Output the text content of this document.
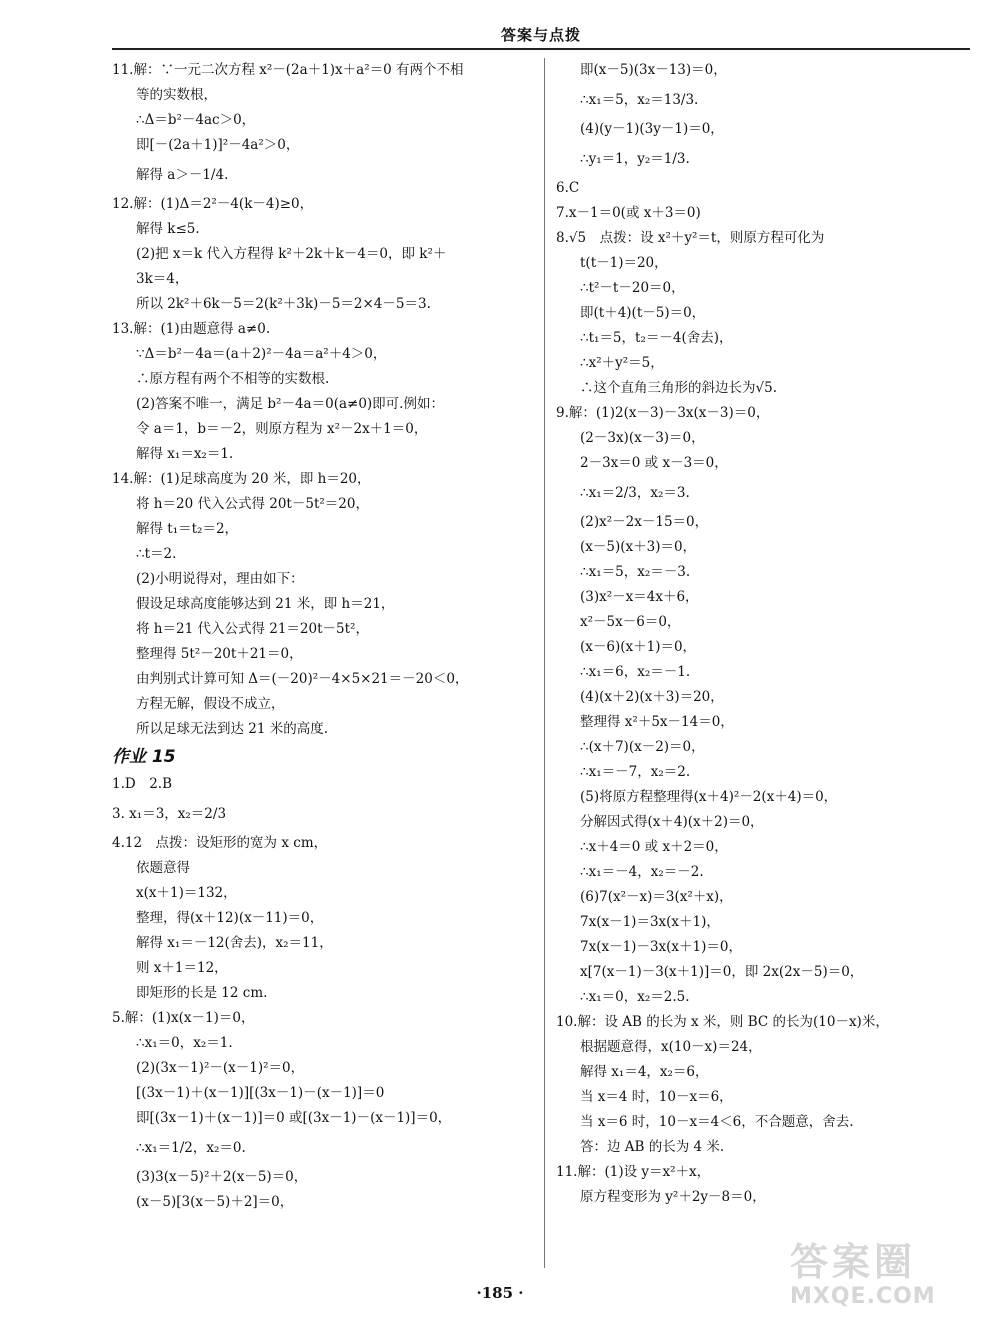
答案与点拨
11.解：∵一元二次方程 x²－(2a＋1)x＋a²＝0 有两个不相
等的实数根，
∴Δ＝b²－4ac＞0，
即[－(2a＋1)]²－4a²＞0，
解得 a＞－1/4.
12.解：(1)Δ＝2²－4(k－4)≥0，
解得 k≤5.
(2)把 x＝k 代入方程得 k²＋2k＋k－4＝0，即 k²＋
3k＝4，
所以 2k²＋6k－5＝2(k²＋3k)－5＝2×4－5＝3.
13.解：(1)由题意得 a≠0.
∵Δ＝b²－4a＝(a＋2)²－4a＝a²＋4＞0，
∴原方程有两个不相等的实数根.
(2)答案不唯一，满足 b²－4a＝0(a≠0)即可.例如：
令 a＝1，b＝－2，则原方程为 x²－2x＋1＝0，
解得 x₁＝x₂＝1.
14.解：(1)足球高度为 20 米，即 h＝20，
将 h＝20 代入公式得 20t－5t²＝20，
解得 t₁＝t₂＝2，
∴t＝2.
(2)小明说得对，理由如下：
假设足球高度能够达到 21 米，即 h＝21，
将 h＝21 代入公式得 21＝20t－5t²，
整理得 5t²－20t＋21＝0，
由判别式计算可知 Δ＝(－20)²－4×5×21＝－20＜0，
方程无解，假设不成立，
所以足球无法到达 21 米的高度.
作业 15
1.D　2.B
3. x₁＝3，x₂＝2/3
4.12　点拨：设矩形的宽为 x cm，
依题意得
x(x＋1)＝132，
整理，得(x＋12)(x－11)＝0，
解得 x₁＝－12(舍去)，x₂＝11，
则 x＋1＝12，
即矩形的长是 12 cm.
5.解：(1)x(x－1)＝0，
∴x₁＝0，x₂＝1.
(2)(3x－1)²－(x－1)²＝0，
[(3x－1)＋(x－1)][(3x－1)－(x－1)]＝0
即[(3x－1)＋(x－1)]＝0 或[(3x－1)－(x－1)]＝0，
∴x₁＝1/2，x₂＝0.
(3)3(x－5)²＋2(x－5)＝0，
(x－5)[3(x－5)＋2]＝0，
即(x－5)(3x－13)＝0，
∴x₁＝5，x₂＝13/3.
(4)(y－1)(3y－1)＝0，
∴y₁＝1，y₂＝1/3.
6.C
7.x－1＝0(或 x＋3＝0)
8.√5　点拨：设 x²＋y²＝t，则原方程可化为
t(t－1)＝20，
∴t²－t－20＝0，
即(t＋4)(t－5)＝0，
∴t₁＝5，t₂＝－4(舍去)，
∴x²＋y²＝5，
∴这个直角三角形的斜边长为√5.
9.解：(1)2(x－3)－3x(x－3)＝0，
(2－3x)(x－3)＝0，
2－3x＝0 或 x－3＝0，
∴x₁＝2/3，x₂＝3.
(2)x²－2x－15＝0，
(x－5)(x＋3)＝0，
∴x₁＝5，x₂＝－3.
(3)x²－x＝4x＋6，
x²－5x－6＝0，
(x－6)(x＋1)＝0，
∴x₁＝6，x₂＝－1.
(4)(x＋2)(x＋3)＝20，
整理得 x²＋5x－14＝0，
∴(x＋7)(x－2)＝0，
∴x₁＝－7，x₂＝2.
(5)将原方程整理得(x＋4)²－2(x＋4)＝0，
分解因式得(x＋4)(x＋2)＝0，
∴x＋4＝0 或 x＋2＝0，
∴x₁＝－4，x₂＝－2.
(6)7(x²－x)＝3(x²＋x)，
7x(x－1)＝3x(x＋1)，
7x(x－1)－3x(x＋1)＝0，
x[7(x－1)－3(x＋1)]＝0，即 2x(2x－5)＝0，
∴x₁＝0，x₂＝2.5.
10.解：设 AB 的长为 x 米，则 BC 的长为(10－x)米，
根据题意得，x(10－x)＝24，
解得 x₁＝4，x₂＝6，
当 x＝4 时，10－x＝6，
当 x＝6 时，10－x＝4＜6，不合题意，舍去.
答：边 AB 的长为 4 米.
11.解：(1)设 y＝x²＋x，
原方程变形为 y²＋2y－8＝0，
·185 ·
答案圈
MXQE.COM
